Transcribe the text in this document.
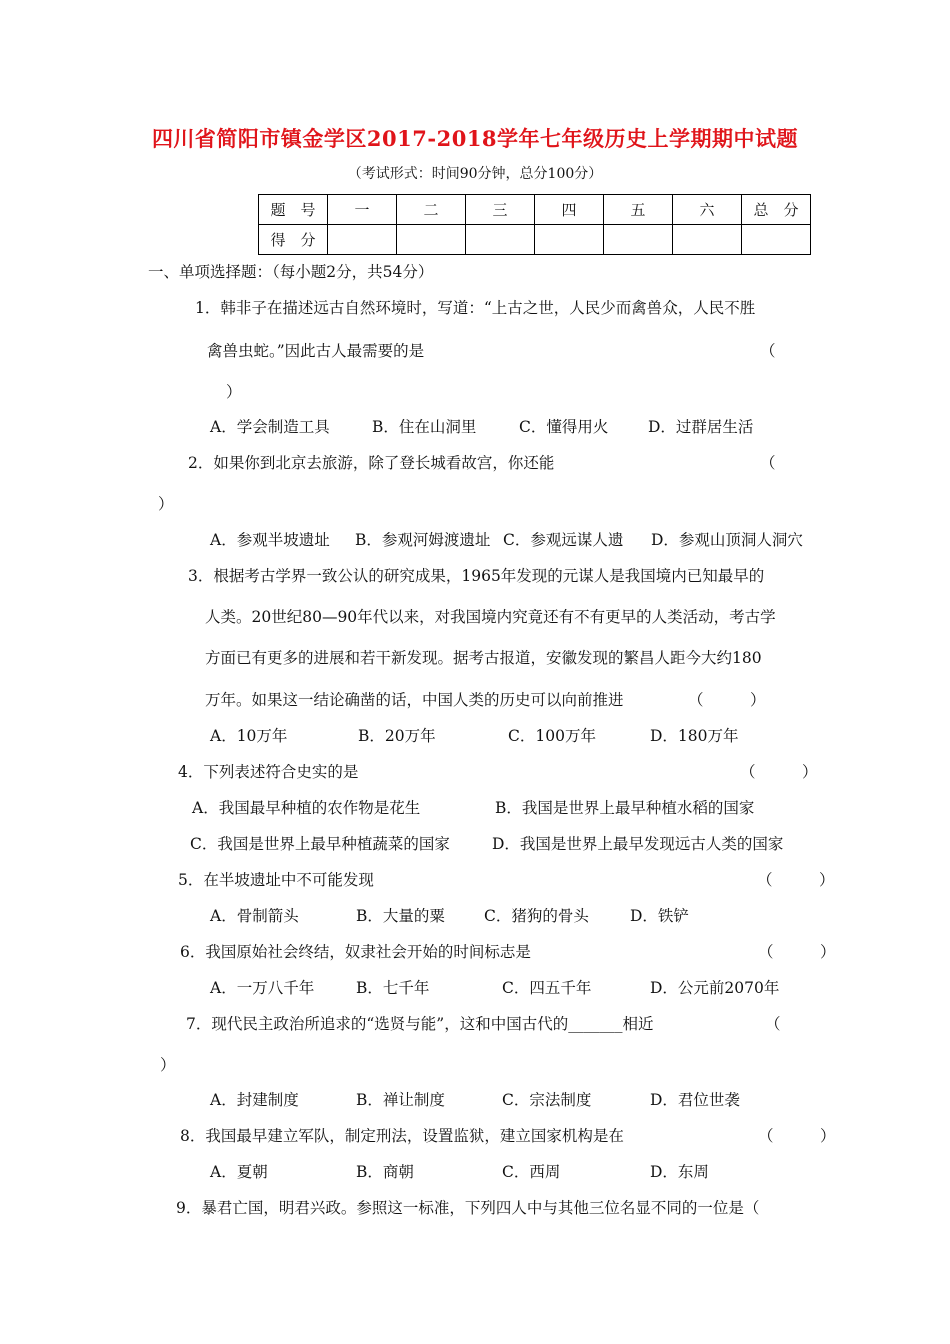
四川省简阳市镇金学区2017-2018学年七年级历史上学期期中试题
（考试形式：时间90分钟，总分100分）
题　号	一	二	三	四	五	六	总　分
得　分							
一、单项选择题：（每小题2分，共54分）
1．韩非子在描述远古自然环境时，写道：“上古之世，人民少而禽兽众，人民不胜
禽兽虫蛇。”因此古人最需要的是	（
）
A．学会制造工具	B．住在山洞里	C．懂得用火	D．过群居生活
2．如果你到北京去旅游，除了登长城看故宫，你还能	（
）
A．参观半坡遗址 B．参观河姆渡遗址 C．参观远谋人遗 D．参观山顶洞人洞穴
3．根据考古学界一致公认的研究成果，1965年发现的元谋人是我国境内已知最早的
人类。20世纪80—90年代以来，对我国境内究竟还有不有更早的人类活动，考古学
方面已有更多的进展和若干新发现。据考古报道，安徽发现的繁昌人距今大约180
万年。如果这一结论确凿的话，中国人类的历史可以向前推进	（　　　）
A．10万年	B．20万年	C．100万年	D．180万年
4．下列表述符合史实的是	（　　　）
A．我国最早种植的农作物是花生	B．我国是世界上最早种植水稻的国家
C．我国是世界上最早种植蔬菜的国家	D．我国是世界上最早发现远古人类的国家
5．在半坡遗址中不可能发现	（　　　）
A．骨制箭头	B．大量的粟	C．猪狗的骨头	D．铁铲
6．我国原始社会终结，奴隶社会开始的时间标志是	（　　　）
A．一万八千年	B．七千年	C．四五千年	D．公元前2070年
7．现代民主政治所追求的“选贤与能”，这和中国古代的_______相近	（
）
A．封建制度	B．禅让制度	C．宗法制度	D．君位世袭
8．我国最早建立军队，制定刑法，设置监狱，建立国家机构是在	（　　　）
A．夏朝	B．商朝	C．西周	D．东周
9．暴君亡国，明君兴政。参照这一标准，下列四人中与其他三位名显不同的一位是（
